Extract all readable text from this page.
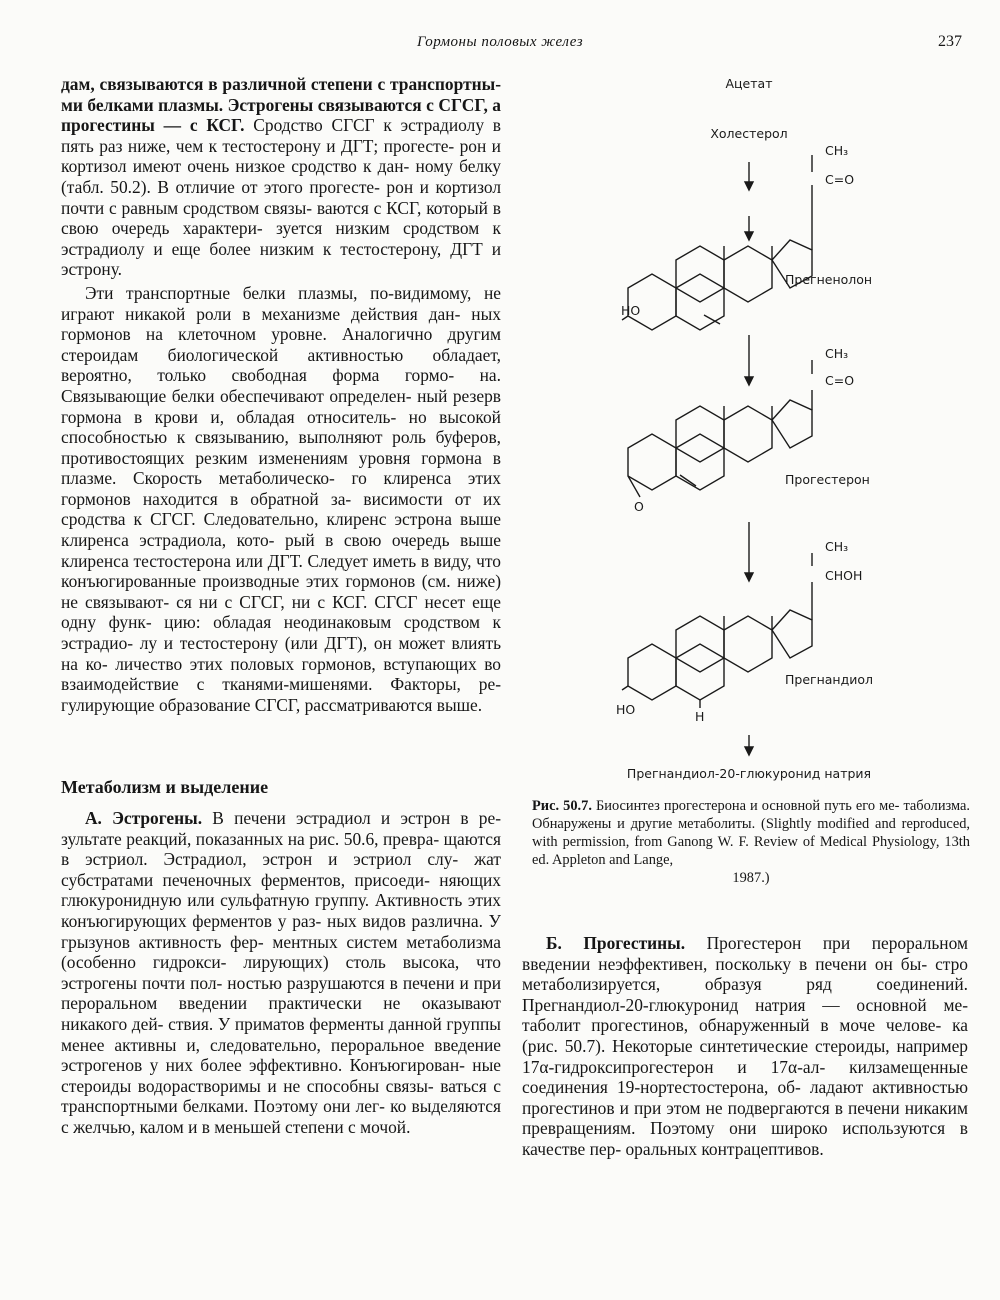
Гормоны половых желез	237

дам, связываются в различной степени с транспортны- ми белками плазмы. Эстрогены связываются с СГСГ, а прогестины — с КСГ. Сродство СГСГ к эстрадиолу в пять раз ниже, чем к тестостерону и ДГТ; прогесте- рон и кортизол имеют очень низкое сродство к дан- ному белку (табл. 50.2). В отличие от этого прогесте- рон и кортизол почти с равным сродством связы- ваются с КСГ, который в свою очередь характери- зуется низким сродством к эстрадиолу и еще более низким к тестостерону, ДГТ и эстрону.

Эти транспортные белки плазмы, по-видимому, не играют никакой роли в механизме действия дан- ных гормонов на клеточном уровне. Аналогично другим стероидам биологической активностью обладает, вероятно, только свободная форма гормо- на. Связывающие белки обеспечивают определен- ный резерв гормона в крови и, обладая относитель- но высокой способностью к связыванию, выполняют роль буферов, противостоящих резким изменениям уровня гормона в плазме. Скорость метаболическо- го клиренса этих гормонов находится в обратной за- висимости от их сродства к СГСГ. Следовательно, клиренс эстрона выше клиренса эстрадиола, кото- рый в свою очередь выше клиренса тестостерона или ДГТ. Следует иметь в виду, что конъюгированные производные этих гормонов (см. ниже) не связывают- ся ни с СГСГ, ни с КСГ. СГСГ несет еще одну функ- цию: обладая неодинаковым сродством к эстрадио- лу и тестостерону (или ДГТ), он может влиять на ко- личество этих половых гормонов, вступающих во взаимодействие с тканями-мишенями. Факторы, ре- гулирующие образование СГСГ, рассматриваются выше.

Метаболизм и выделение

А. Эстрогены. В печени эстрадиол и эстрон в ре- зультате реакций, показанных на рис. 50.6, превра- щаются в эстриол. Эстрадиол, эстрон и эстриол слу- жат субстратами печеночных ферментов, присоеди- няющих глюкуронидную или сульфатную группу. Активность этих конъюгирующих ферментов у раз- ных видов различна. У грызунов активность фер- ментных систем метаболизма (особенно гидрокси- лирующих) столь высока, что эстрогены почти пол- ностью разрушаются в печени и при пероральном введении практически не оказывают никакого дей- ствия. У приматов ферменты данной группы менее активны и, следовательно, пероральное введение эстрогенов у них более эффективно. Конъюгирован- ные стероиды водорастворимы и не способны связы- ваться с транспортными белками. Поэтому они лег- ко выделяются с желчью, калом и в меньшей степени с мочой.

Ацетат
Холестерол
Прегненолон
Прогестерон
Прегнандиол
Прегнандиол-20-глюкуронид натрия
CH₃
C=O
CH₃
C=O
CH₃
CHOH
HO
O
HO	H
Рис. 50.7. Биосинтез прогестерона и основной путь его ме- таболизма. Обнаружены и другие метаболиты. (Slightly modified and reproduced, with permission, from Ganong W. F. Review of Medical Physiology, 13th ed. Appleton and Lange,
1987.)

Б. Прогестины. Прогестерон при пероральном введении неэффективен, поскольку в печени он бы- стро метаболизируется, образуя ряд соединений. Прегнандиол-20-глюкуронид натрия — основной ме- таболит прогестинов, обнаруженный в моче челове- ка (рис. 50.7). Некоторые синтетические стероиды, например 17α-гидроксипрогестерон и 17α-ал- килзамещенные соединения 19-нортестостерона, об- ладают активностью прогестинов и при этом не подвергаются в печени никаким превращениям. Поэтому они широко используются в качестве пер- оральных контрацептивов.
